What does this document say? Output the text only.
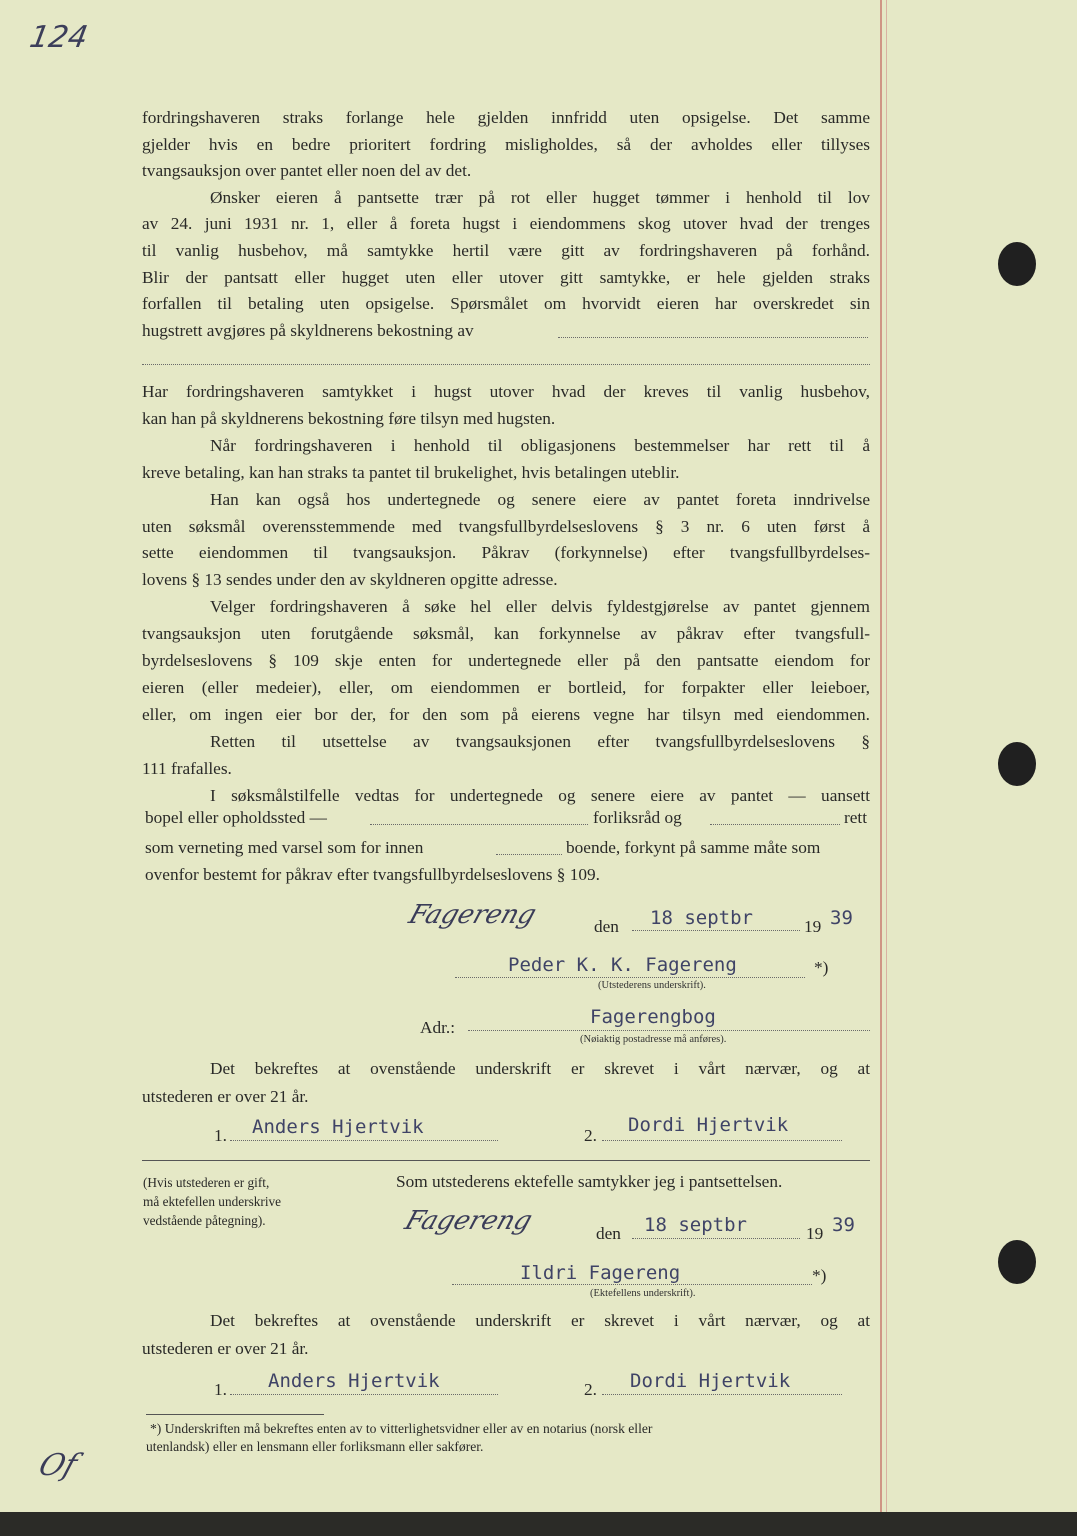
124
fordringshaveren straks forlange hele gjelden innfridd uten opsigelse. Det samme
gjelder hvis en bedre prioritert fordring misligholdes, så der avholdes eller tillyses
tvangsauksjon over pantet eller noen del av det.
Ønsker eieren å pantsette trær på rot eller hugget tømmer i henhold til lov
av 24. juni 1931 nr. 1, eller å foreta hugst i eiendommens skog utover hvad der trenges
til vanlig husbehov, må samtykke hertil være gitt av fordringshaveren på forhånd.
Blir der pantsatt eller hugget uten eller utover gitt samtykke, er hele gjelden straks
forfallen til betaling uten opsigelse. Spørsmålet om hvorvidt eieren har overskredet sin
hugstrett avgjøres på skyldnerens bekostning av
Har fordringshaveren samtykket i hugst utover hvad der kreves til vanlig husbehov,
kan han på skyldnerens bekostning føre tilsyn med hugsten.
Når fordringshaveren i henhold til obligasjonens bestemmelser har rett til å
kreve betaling, kan han straks ta pantet til brukelighet, hvis betalingen uteblir.
Han kan også hos undertegnede og senere eiere av pantet foreta inndrivelse
uten søksmål overensstemmende med tvangsfullbyrdelseslovens § 3 nr. 6 uten først å
sette eiendommen til tvangsauksjon. Påkrav (forkynnelse) efter tvangsfullbyrdelses-
lovens § 13 sendes under den av skyldneren opgitte adresse.
Velger fordringshaveren å søke hel eller delvis fyldestgjørelse av pantet gjennem
tvangsauksjon uten forutgående søksmål, kan forkynnelse av påkrav efter tvangsfull-
byrdelseslovens § 109 skje enten for undertegnede eller på den pantsatte eiendom for
eieren (eller medeier), eller, om eiendommen er bortleid, for forpakter eller leieboer,
eller, om ingen eier bor der, for den som på eierens vegne har tilsyn med eiendommen.
Retten til utsettelse av tvangsauksjonen efter tvangsfullbyrdelseslovens §
111 frafalles.
I søksmålstilfelle vedtas for undertegnede og senere eiere av pantet — uansett
bopel eller opholdssted —	forliksråd og	rett
som verneting med varsel som for innen	boende, forkynt på samme måte som
ovenfor bestemt for påkrav efter tvangsfullbyrdelseslovens § 109.
Fagereng	den 18 septbr	19 39
Peder K. K. Fagereng	*)
(Utstederens underskrift).
Adr.:	Fagerengbog
(Nøiaktig postadresse må anføres).
Det bekreftes at ovenstående underskrift er skrevet i vårt nærvær, og at
utstederen er over 21 år.
1. Anders Hjertvik	2. Dordi Hjertvik
(Hvis utstederen er gift,
må ektefellen underskrive
vedstående påtegning).
Som utstederens ektefelle samtykker jeg i pantsettelsen.
Fagereng	den 18 septbr	19 39
Ildri Fagereng	*)
(Ektefellens underskrift).
Det bekreftes at ovenstående underskrift er skrevet i vårt nærvær, og at
utstederen er over 21 år.
1. Anders Hjertvik	2. Dordi Hjertvik
*) Underskriften må bekreftes enten av to vitterlighetsvidner eller av en notarius (norsk eller
utenlandsk) eller en lensmann eller forliksmann eller sakfører.
Of
